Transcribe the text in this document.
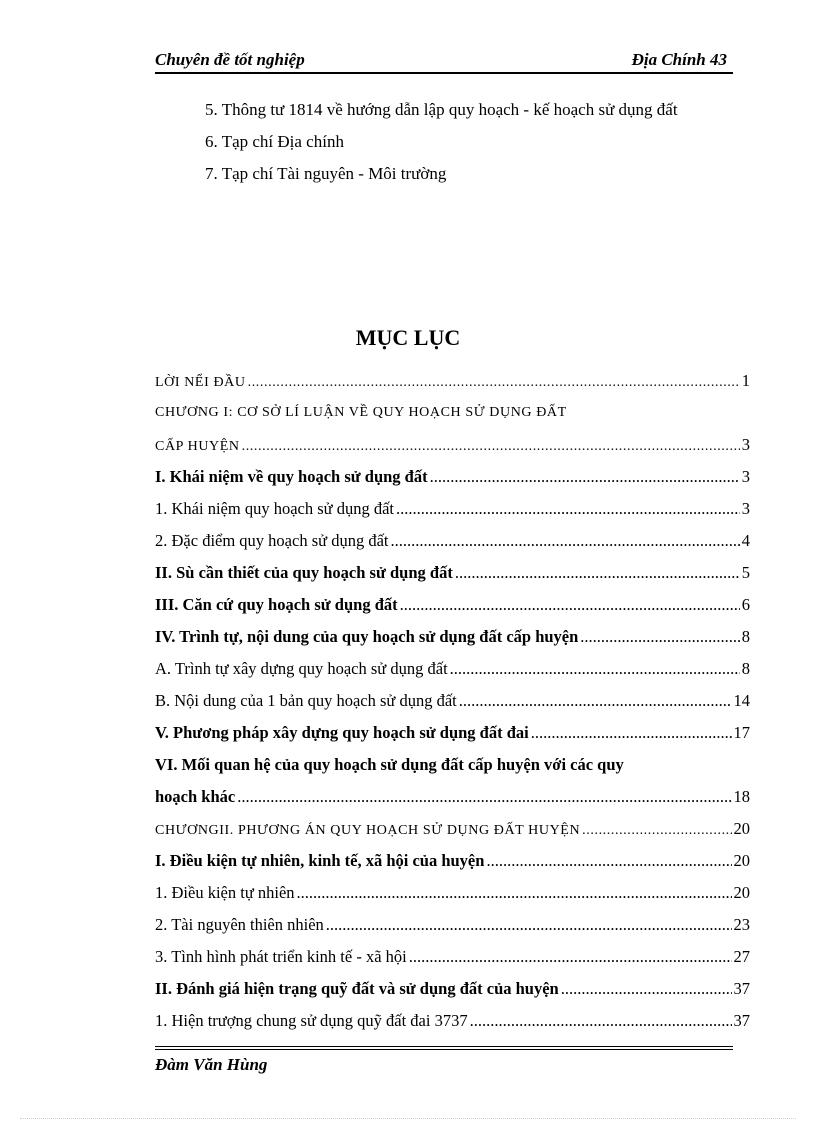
Chuyên đề tốt nghiệp	Địa Chính 43
5. Thông tư 1814 về hướng dẫn lập quy hoạch - kế hoạch sử dụng đất
6. Tạp chí Địa chính
7. Tạp chí Tài nguyên - Môi trường
MỤC LỤC
LỜI NỂI ĐẦU .....	1
CHƯƠNG I: CƠ SỞ LÍ LUẬN VỀ QUY HOẠCH SỬ DỤNG ĐẤT
CẤP HUYỆN .....	3
I. Khái niệm về quy hoạch sử dụng đất .....	3
1. Khái niệm quy hoạch sử dụng đất .....	3
2. Đặc điểm quy hoạch sử dụng đất .....	4
II. Sù cần thiết của quy hoạch sử dụng đất .....	5
III. Căn cứ quy hoạch sử dụng đất .....	6
IV. Trình tự, nội dung của quy hoạch sử dụng đất cấp huyện .....	8
A. Trình tự xây dựng quy hoạch sử dụng đất .....	8
B. Nội dung của 1 bản quy hoạch sử dụng đất .....	14
V. Phương pháp xây dựng quy hoạch sử dụng đất đai .....	17
VI. Mối quan hệ của quy hoạch sử dụng đất cấp huyện với các quy
hoạch khác .....	18
CHƯƠNGII. PHƯƠNG ÁN QUY HOẠCH SỬ DỤNG ĐẤT HUYỆN .....	20
I. Điều kiện tự nhiên, kinh tế, xã hội của huyện .....	20
1. Điều kiện tự nhiên .....	20
2. Tài nguyên thiên nhiên .....	23
3. Tình hình phát triển kinh tế - xã hội .....	27
II. Đánh giá hiện trạng quỹ đất và sử dụng đất của huyện .....	37
1. Hiện trượng chung sử dụng quỹ đất đai 3737 .....	37
Đàm Văn Hùng
